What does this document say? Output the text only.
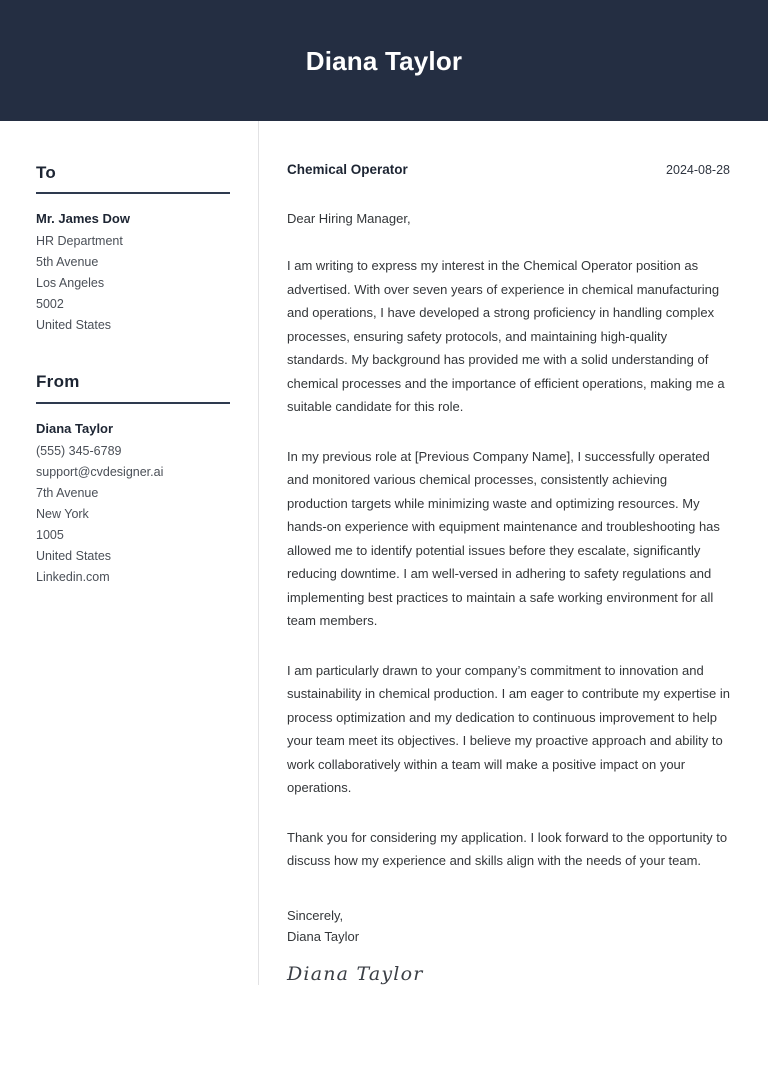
Diana Taylor
To
Mr. James Dow
HR Department
5th Avenue
Los Angeles
5002
United States
From
Diana Taylor
(555) 345-6789
support@cvdesigner.ai
7th Avenue
New York
1005
United States
Linkedin.com
Chemical Operator	2024-08-28
Dear Hiring Manager,

I am writing to express my interest in the Chemical Operator position as advertised. With over seven years of experience in chemical manufacturing and operations, I have developed a strong proficiency in handling complex processes, ensuring safety protocols, and maintaining high-quality standards. My background has provided me with a solid understanding of chemical processes and the importance of efficient operations, making me a suitable candidate for this role.

In my previous role at [Previous Company Name], I successfully operated and monitored various chemical processes, consistently achieving production targets while minimizing waste and optimizing resources. My hands-on experience with equipment maintenance and troubleshooting has allowed me to identify potential issues before they escalate, significantly reducing downtime. I am well-versed in adhering to safety regulations and implementing best practices to maintain a safe working environment for all team members.

I am particularly drawn to your company’s commitment to innovation and sustainability in chemical production. I am eager to contribute my expertise in process optimization and my dedication to continuous improvement to help your team meet its objectives. I believe my proactive approach and ability to work collaboratively within a team will make a positive impact on your operations.

Thank you for considering my application. I look forward to the opportunity to discuss how my experience and skills align with the needs of your team.

Sincerely,
Diana Taylor
Diana Taylor
